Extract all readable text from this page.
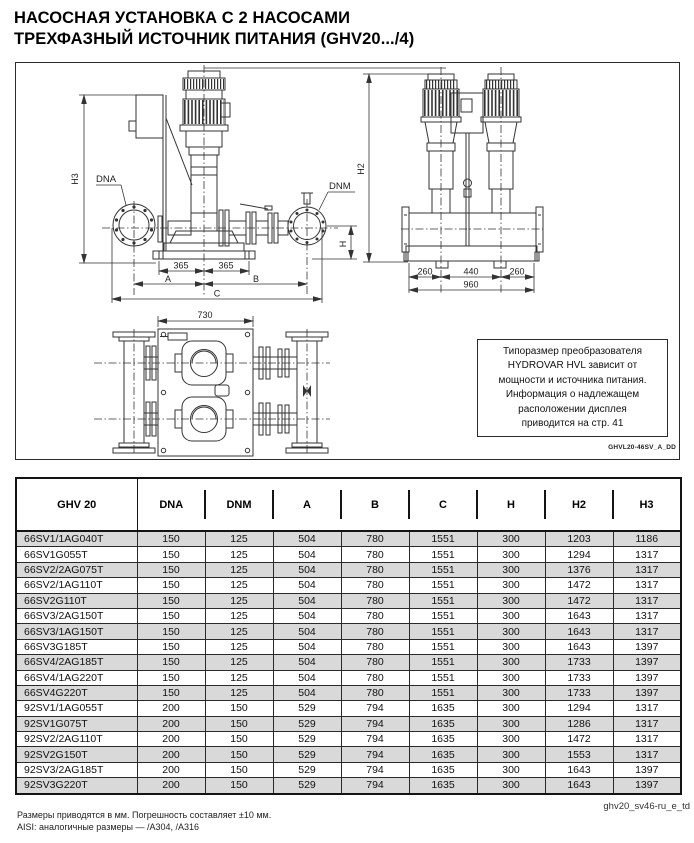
НАСОСНАЯ УСТАНОВКА С 2 НАСОСАМИ
ТРЕХФАЗНЫЙ ИСТОЧНИК ПИТАНИЯ (GHV20.../4)
H3 DNA
DNM
H
365	365
A	B
C
H2
260	440	260
960
730
Типоразмер преобразователя
HYDROVAR HVL зависит от
мощности и источника питания.
Информация о надлежащем
расположении дисплея
приводится на стр. 41
GHVL20-46SV_A_DD
GHV 20	DNA	DNM	A	B	C	H	H2	H3
66SV1/1AG040T	150	125	504	780	1551	300	1203	1186
66SV1G055T	150	125	504	780	1551	300	1294	1317
66SV2/2AG075T	150	125	504	780	1551	300	1376	1317
66SV2/1AG110T	150	125	504	780	1551	300	1472	1317
66SV2G110T	150	125	504	780	1551	300	1472	1317
66SV3/2AG150T	150	125	504	780	1551	300	1643	1317
66SV3/1AG150T	150	125	504	780	1551	300	1643	1317
66SV3G185T	150	125	504	780	1551	300	1643	1397
66SV4/2AG185T	150	125	504	780	1551	300	1733	1397
66SV4/1AG220T	150	125	504	780	1551	300	1733	1397
66SV4G220T	150	125	504	780	1551	300	1733	1397
92SV1/1AG055T	200	150	529	794	1635	300	1294	1317
92SV1G075T	200	150	529	794	1635	300	1286	1317
92SV2/2AG110T	200	150	529	794	1635	300	1472	1317
92SV2G150T	200	150	529	794	1635	300	1553	1317
92SV3/2AG185T	200	150	529	794	1635	300	1643	1397
92SV3G220T	200	150	529	794	1635	300	1643	1397
Размеры приводятся в мм. Погрешность составляет ±10 мм.
AISI: аналогичные размеры — /A304, /A316
ghv20_sv46-ru_e_td
